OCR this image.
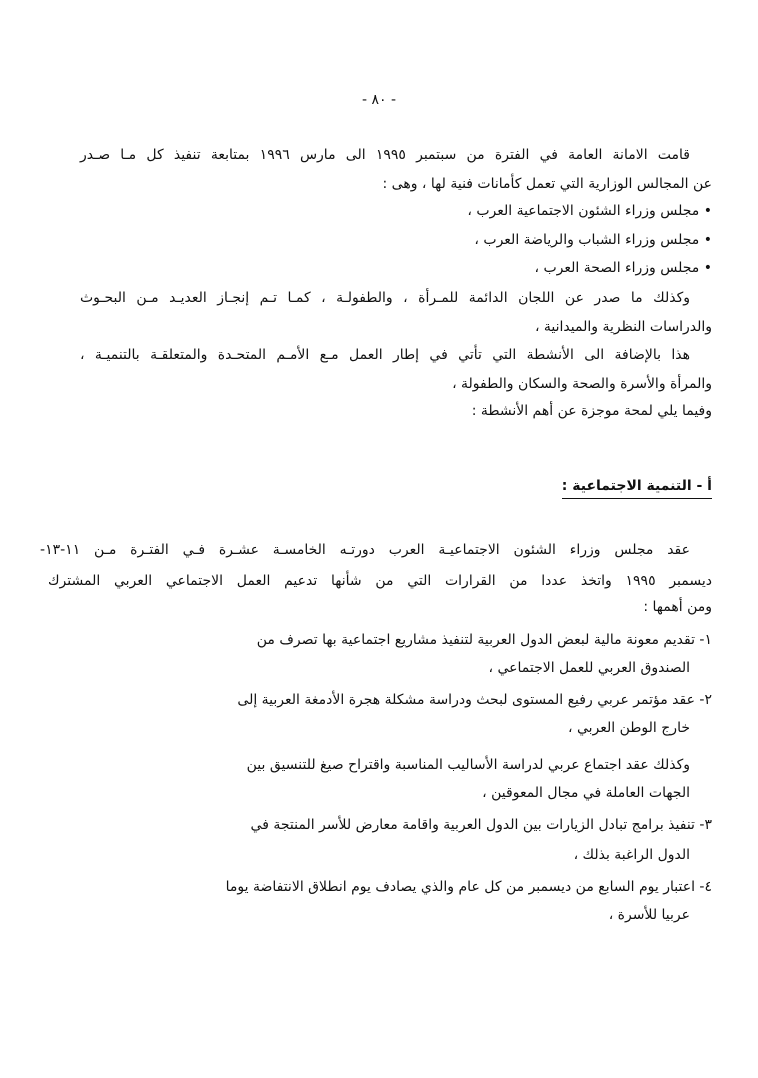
- ٨٠ -
قامت الامانة العامة في الفترة من سبتمبر ١٩٩٥ الى مارس ١٩٩٦ بمتابعة تنفيذ كل مـا صـدر
عن المجالس الوزارية التي تعمل كأمانات فنية لها ، وهى :
• مجلس وزراء الشئون الاجتماعية العرب ،
• مجلس وزراء الشباب والرياضة العرب ،
• مجلس وزراء الصحة العرب ،
وكذلك ما صدر عن اللجان الدائمة للمـرأة ، والطفولـة ، كمـا تـم إنجـاز العديـد مـن البحـوث
والدراسات النظرية والميدانية ،
هذا بالإضافة الى الأنشطة التي تأتي في إطار العمل مـع الأمـم المتحـدة والمتعلقـة بالتنميـة ،
والمرأة والأسرة والصحة والسكان والطفولة ،
وفيما يلي لمحة موجزة عن أهم الأنشطة :
أ - التنمية الاجتماعية :
عقد مجلس وزراء الشئون الاجتماعيـة العرب دورتـه الخامسـة عشـرة فـي الفتـرة مـن ١١-١٣-
ديسمبر ١٩٩٥ واتخذ عددا من القرارات التي من شأنها تدعيم العمل الاجتماعي العربي المشترك
ومن أهمها :
١- تقديم معونة مالية لبعض الدول العربية لتنفيذ مشاريع اجتماعية بها تصرف من
الصندوق العربي للعمل الاجتماعي ،
٢- عقد مؤتمر عربي رفيع المستوى لبحث ودراسة مشكلة هجرة الأدمغة العربية إلى
خارج الوطن العربي ،
وكذلك عقد اجتماع عربي لدراسة الأساليب المناسبة واقتراح صيغ للتنسيق بين
الجهات العاملة في مجال المعوقين ،
٣- تنفيذ برامج تبادل الزيارات بين الدول العربية واقامة معارض للأسر المنتجة في
الدول الراغبة بذلك ،
٤- اعتبار يوم السابع من ديسمبر من كل عام والذي يصادف يوم انطلاق الانتفاضة يوما
عربيا للأسرة ،
